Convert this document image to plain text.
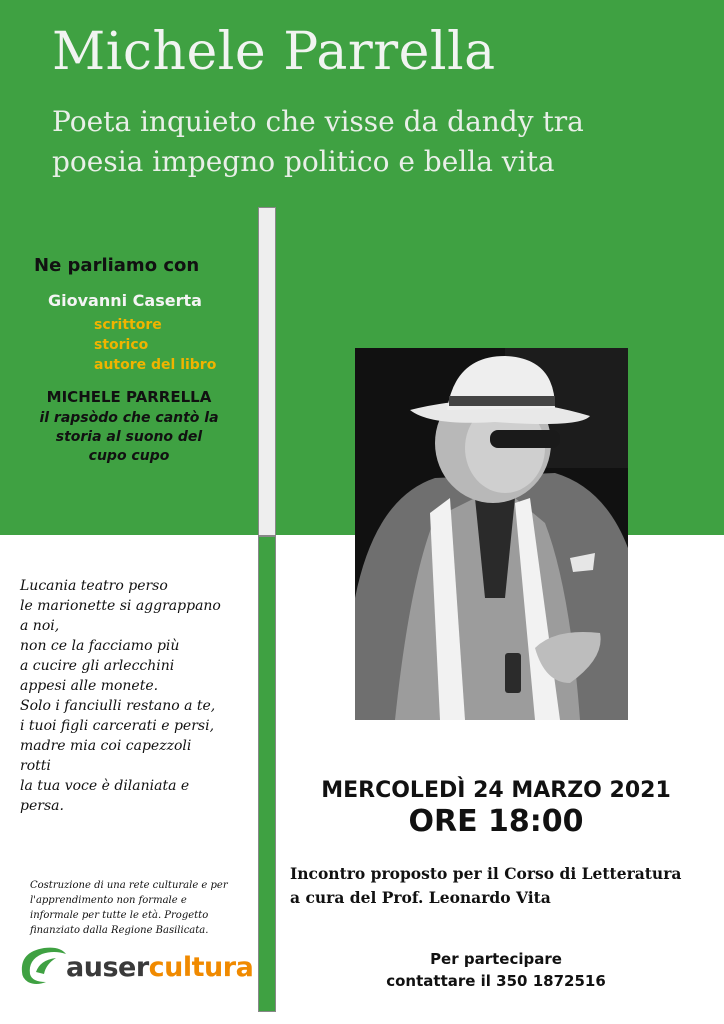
Michele Parrella
Poeta inquieto che visse da dandy tra
poesia impegno politico e bella vita
Ne parliamo con
Giovanni Caserta
scrittore
storico
autore del libro
MICHELE PARRELLA
il rapsòdo che cantò la
storia al suono del
cupo cupo
Lucania teatro perso
le marionette si aggrappano
a noi,
non ce la facciamo più
a cucire gli arlecchini
appesi alle monete.
Solo i fanciulli restano a te,
i tuoi figli carcerati e persi,
madre mia coi capezzoli
rotti
la tua voce è dilaniata e
persa.
Costruzione di una rete culturale e per
l'apprendimento non formale e
informale per tutte le età. Progetto
finanziato dalla Regione Basilicata.
ausercultura
MERCOLEDÌ 24 MARZO 2021
ORE 18:00
Incontro proposto per il Corso di Letteratura
a cura del Prof. Leonardo Vita
Per partecipare
contattare il 350 1872516
